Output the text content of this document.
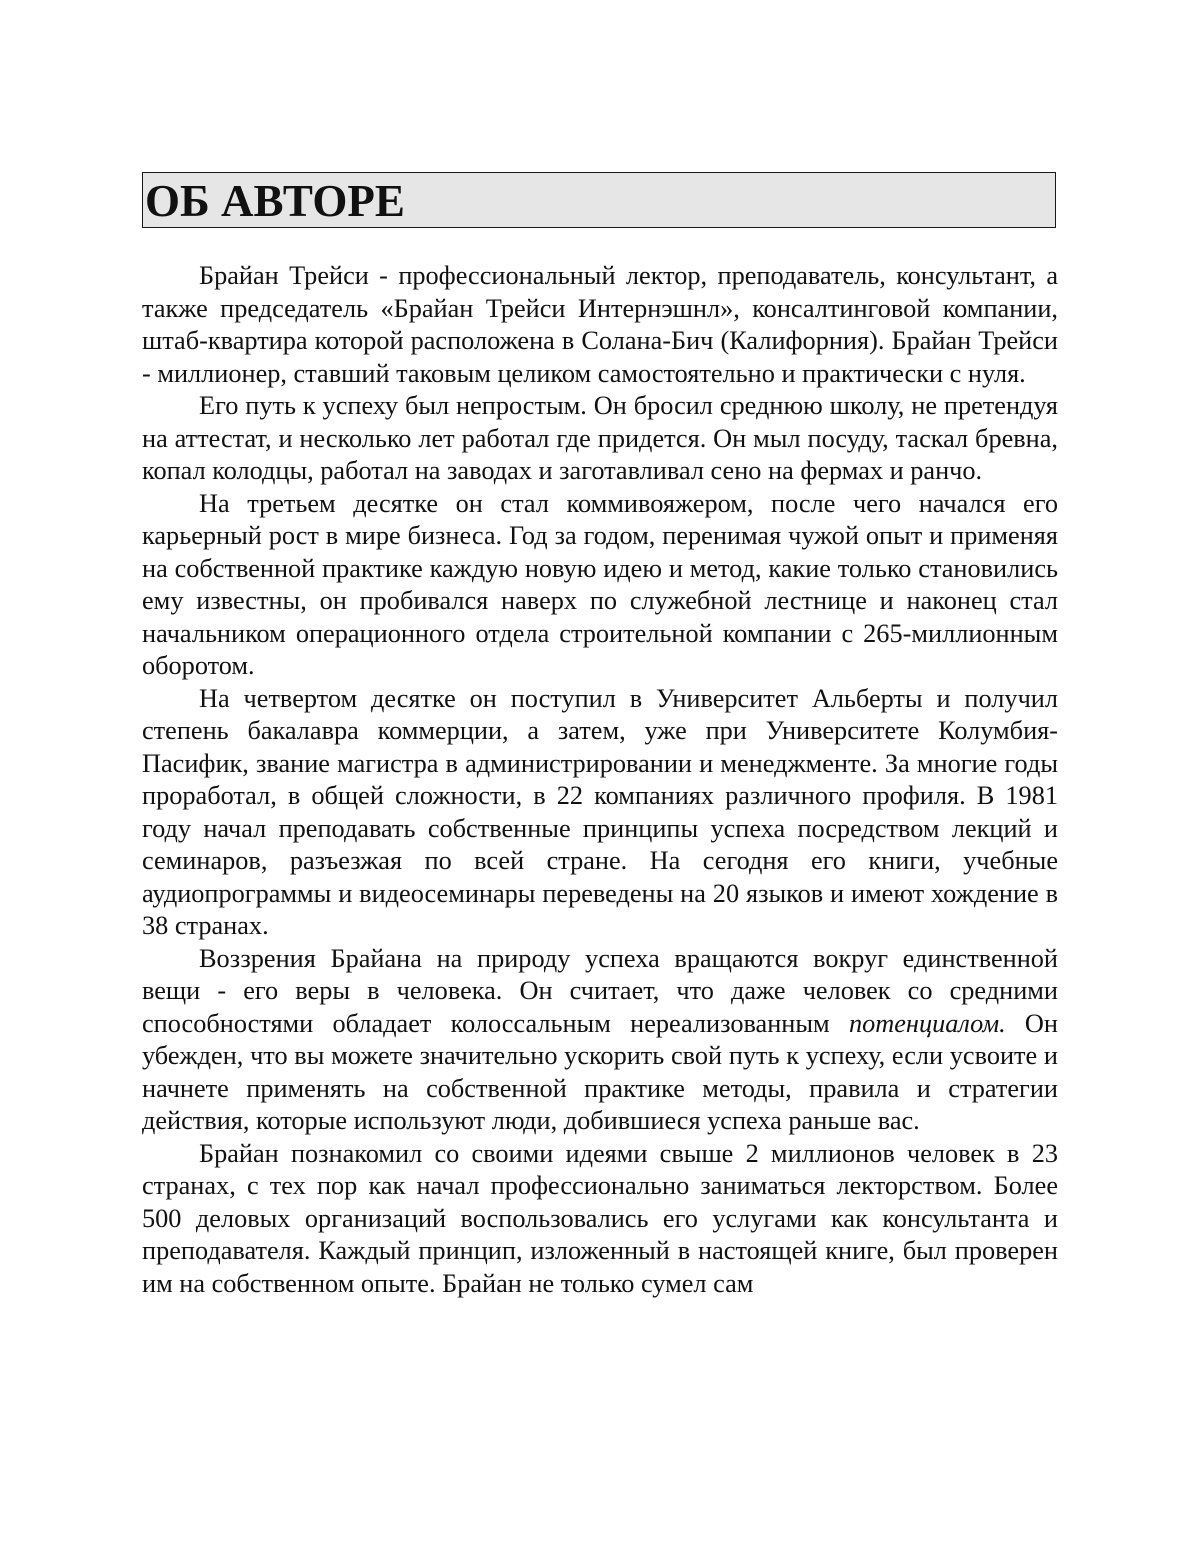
ОБ АВТОРЕ

Брайан Трейси - профессиональный лектор, преподаватель, консультант, а также председатель «Брайан Трейси Интернэшнл», консалтинговой компании, штаб-квартира которой расположена в Солана-Бич (Калифорния). Брайан Трейси - миллионер, ставший таковым целиком самостоятельно и практически с нуля.

Его путь к успеху был непростым. Он бросил среднюю школу, не претендуя на аттестат, и несколько лет работал где придется. Он мыл посуду, таскал бревна, копал колодцы, работал на заводах и заготавливал сено на фермах и ранчо.

На третьем десятке он стал коммивояжером, после чего начался его карьерный рост в мире бизнеса. Год за годом, перенимая чужой опыт и применяя на собственной практике каждую новую идею и метод, какие только становились ему известны, он пробивался наверх по служебной лестнице и наконец стал начальником операционного отдела строительной компании с 265-миллионным оборотом.

На четвертом десятке он поступил в Университет Альберты и получил степень бакалавра коммерции, а затем, уже при Университете Колумбия-Пасифик, звание магистра в администрировании и менеджменте. За многие годы проработал, в общей сложности, в 22 компаниях различного профиля. В 1981 году начал преподавать собственные принципы успеха посредством лекций и семинаров, разъезжая по всей стране. На сегодня его книги, учебные аудиопрограммы и видеосеминары переведены на 20 языков и имеют хождение в 38 странах.

Воззрения Брайана на природу успеха вращаются вокруг единственной вещи - его веры в человека. Он считает, что даже человек со средними способностями обладает колоссальным нереализованным потенциалом. Он убежден, что вы можете значительно ускорить свой путь к успеху, если усвоите и начнете применять на собственной практике методы, правила и стратегии действия, которые используют люди, добившиеся успеха раньше вас.

Брайан познакомил со своими идеями свыше 2 миллионов человек в 23 странах, с тех пор как начал профессионально заниматься лекторством. Более 500 деловых организаций воспользовались его услугами как консультанта и преподавателя. Каждый принцип, изложенный в настоящей книге, был проверен им на собственном опыте. Брайан не только сумел сам
